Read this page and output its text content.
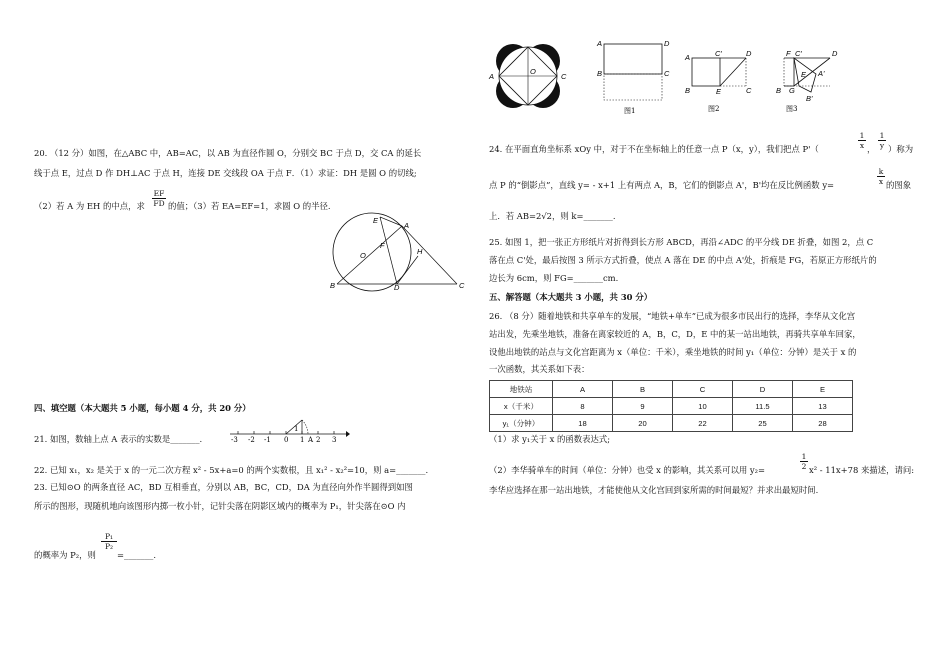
20. （12 分）如图，在△ABC 中，AB=AC，以 AB 为直径作圆 O，分别交 BC 于点 D，交 CA 的延长
线于点 E，过点 D 作 DH⊥AC 于点 H，连接 DE 交线段 OA 于点 F．（1）求证：DH 是圆 O 的切线;
（2）若 A 为 EH 的中点，求 $\frac{EF}{FD}$ 的值；（3）若 EA=EF=1，求圆 O 的半径.
E
A
H
F
O
B	D	C
四、填空题（本大题共 5 小题，每小题 4 分，共 20 分）
21. 如图，数轴上点 A 表示的实数是_______.
1
A
-3 -2 -1 0 1 2 3
22. 已知 x₁，x₂ 是关于 x 的一元二次方程 x² - 5x+a=0 的两个实数根，且 x₁² - x₂²=10，则 a=_______.
23. 已知⊙O 的两条直径 AC，BD 互相垂直，分别以 AB，BC，CD，DA 为直径向外作半圆得到如图
所示的图形，现随机地向该图形内掷一枚小针，记针尖落在阴影区域内的概率为 P₁，针尖落在⊙O 内
的概率为 P₂，则
$\frac{\text{P₁}}{\text{P₂}}$
=_______.
D
A
O
C
B
A	D
B	C
图1
A	C'	D
B	E	C
图2
F C'	D
E A'
B G
B'
图3
24. 在平面直角坐标系 xOy 中，对于不在坐标轴上的任意一点 P（x，y），我们把点 P'（	$\frac{1}{x}$ ， $\frac{1}{y}$ ）称为
点 P 的“倒影点”，直线 y= - x+1 上有两点 A，B，它们的倒影点 A'，B'均在反比例函数 y=	$\frac{k}{x}$ 的图象
上．若 AB=2√2，则 k=_______.
25. 如图 1，把一张正方形纸片对折得到长方形 ABCD，再沿∠ADC 的平分线 DE 折叠，如图 2，点 C
落在点 C'处，最后按图 3 所示方式折叠，使点 A 落在 DE 的中点 A'处，折痕是 FG，若原正方形纸片的
边长为 6cm，则 FG=_______cm.
五、解答题（本大题共 3 小题，共 30 分）
26. （8 分）随着地铁和共享单车的发展，“地铁+单车”已成为很多市民出行的选择，李华从文化宫
站出发，先乘坐地铁，准备在离家较近的 A，B，C，D，E 中的某一站出地铁，再骑共享单车回家，
设他出地铁的站点与文化宫距离为 x（单位：千米），乘坐地铁的时间 y₁（单位：分钟）是关于 x 的
一次函数，其关系如下表：
地铁站	A	B	C	D	E
x（千米）	8	9	10	11.5	13
y₁（分钟）	18	20	22	25	28
（1）求 y₁关于 x 的函数表达式;
（2）李华骑单车的时间（单位：分钟）也受 x 的影响，其关系可以用 y₂=	$\frac{1}{2} x^2 - 11x+78$ 来描述，请问:
李华应选择在那一站出地铁，才能使他从文化宫回到家所需的时间最短？并求出最短时间.
